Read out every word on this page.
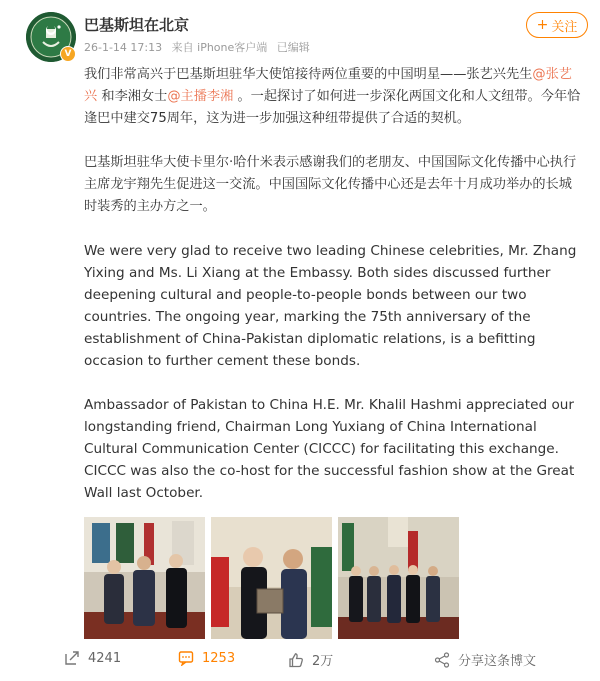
V
巴基斯坦在北京
26-1-14 17:13 来自 iPhone客户端 已编辑
+ 关注

我们非常高兴于巴基斯坦驻华大使馆接待两位重要的中国明星——张艺兴先生@张艺兴 和李湘女士@主播李湘 。一起探讨了如何进一步深化两国文化和人文纽带。今年恰逢巴中建交75周年，这为进一步加强这种纽带提供了合适的契机。

巴基斯坦驻华大使卡里尔·哈什米表示感谢我们的老朋友、中国国际文化传播中心执行主席龙宇翔先生促进这一交流。中国国际文化传播中心还是去年十月成功举办的长城时装秀的主办方之一。

We were very glad to receive two leading Chinese celebrities, Mr. Zhang Yixing and Ms. Li Xiang at the Embassy. Both sides discussed further deepening cultural and people-to-people bonds between our two countries. The ongoing year, marking the 75th anniversary of the establishment of China-Pakistan diplomatic relations, is a befitting occasion to further cement these bonds.

Ambassador of Pakistan to China H.E. Mr. Khalil Hashmi appreciated our longstanding friend, Chairman Long Yuxiang of China International Cultural Communication Center (CICCC) for facilitating this exchange. CICCC was also the co-host for the successful fashion show at the Great Wall last October.

4241	1253	2万	分享这条博文
